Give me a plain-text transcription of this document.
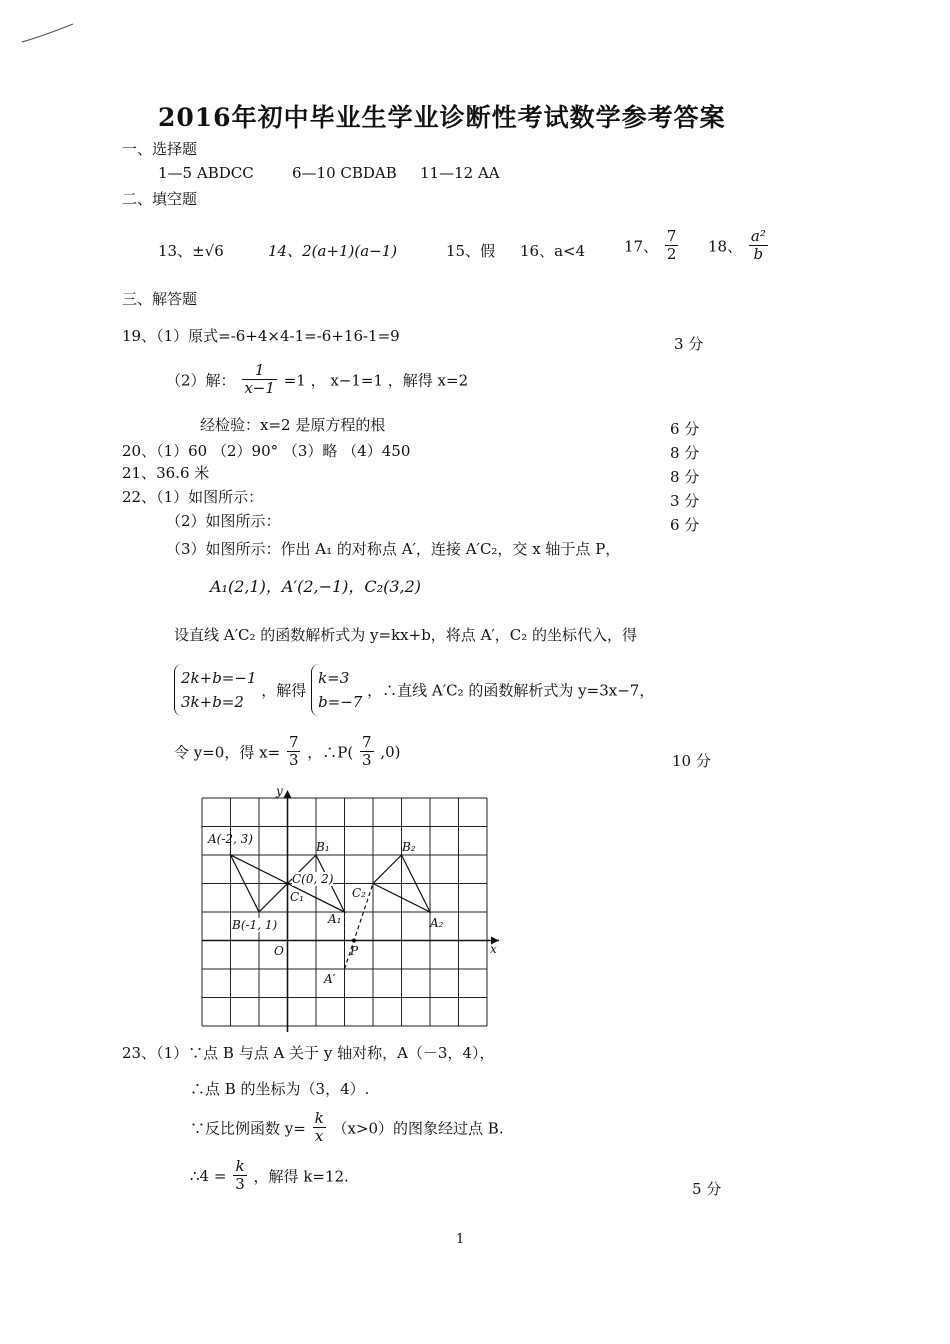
2016年初中毕业生学业诊断性考试数学参考答案
一、选择题
1—5 ABDCC	6—10 CBDAB 11—12 AA
二、填空题
13、±√6	14、2(a+1)(a−1)	15、假 16、a<4	17、 $\frac{7}{2} 18$、 $\frac{\text{a²}}{b}$
三、解答题
19、（1）原式=-6+4×4-1=-6+16-1=9	3 分
（2）解： $\frac{1}{x-1} =1$ ， x−1=1 ，解得 x=2
经检验：x=2 是原方程的根	6 分
20、（1）60 （2）90° （3）略 （4）450	8 分
21、36.6 米	8 分
22、（1）如图所示：	3 分
（2）如图所示：	6 分
（3）如图所示：作出 A₁ 的对称点 A′，连接 A′C₂，交 x 轴于点 P，
A₁(2,1)，A′(2,−1)，C₂(3,2)
设直线 A′C₂ 的函数解析式为 y=kx+b，将点 A′，C₂ 的坐标代入，得
2k+b=−1
3k+b=2
，解得
k=3
b=−7
，∴直线 A′C₂ 的函数解析式为 y=3x−7，
令 y=0，得 $x= \frac{7}{3}$ ，∴P( $\frac{7}{3} ,0$)
10 分
A(-2, 3)
C(0, 2)
C₁
B(-1, 1)
B₁	B₂
C₂
A₁	A₂
O	P
A′
x
y
23、（1）∵点 B 与点 A 关于 y 轴对称，A（－3，4），
∴点 B 的坐标为（3，4）.
∵反比例函数 $y= \frac{k}{x} (x>0)$的图象经过点 B.
∴4 = $\frac{k}{3}$ ，解得 k=12.
5 分
1
